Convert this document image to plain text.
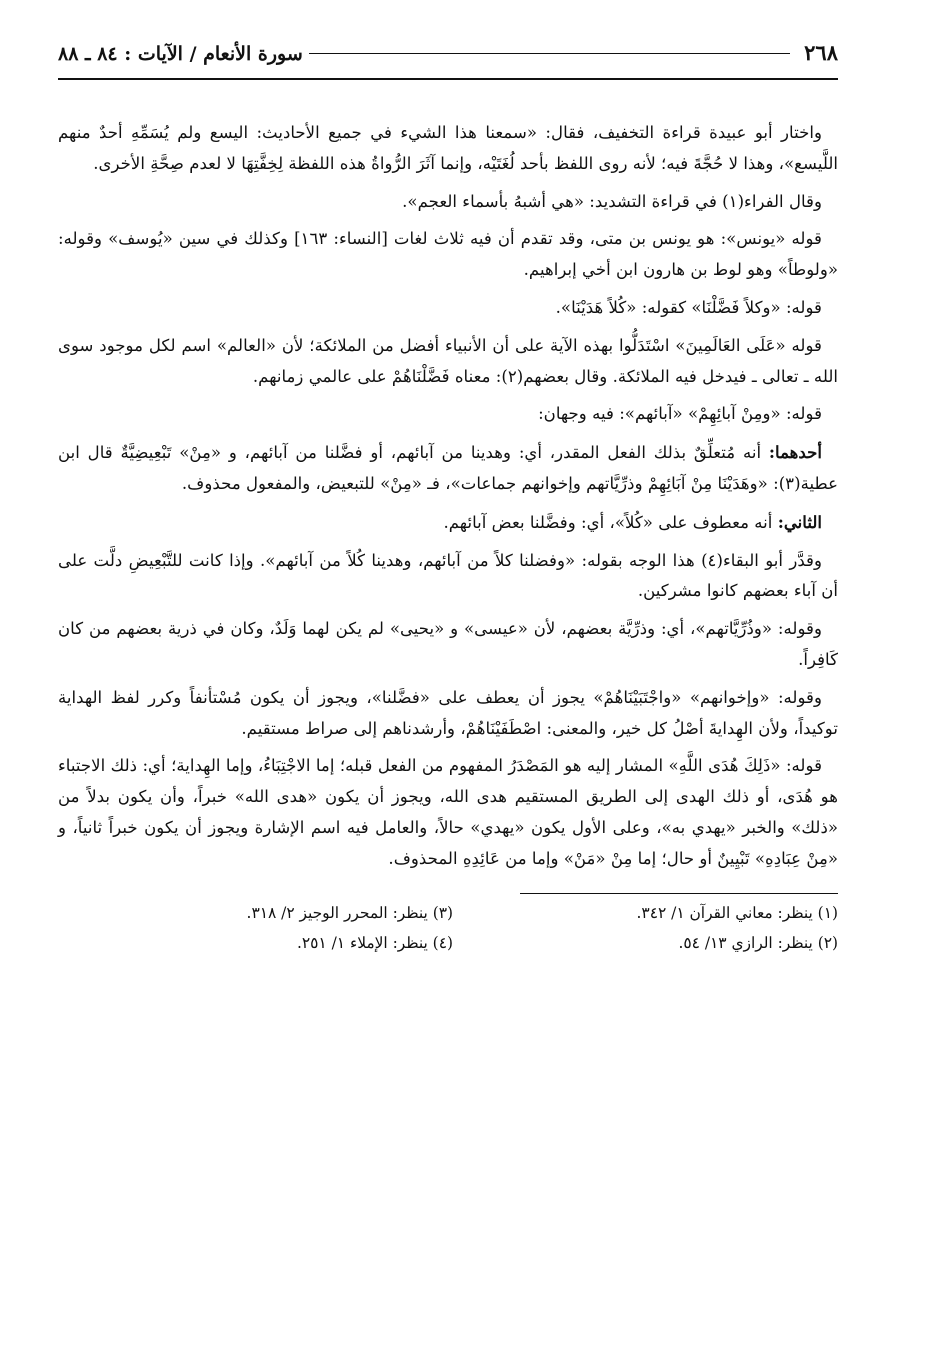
٢٦٨
سورة الأنعام / الآيات : ٨٤ ـ ٨٨

واختار أبو عبيدة قراءة التخفيف، فقال: «سمعنا هذا الشيء في جميع الأحاديث: اليسع ولم يُسَمِّهِ أحدٌ منهم اللَّيسع»، وهذا لا حُجَّةَ فيه؛ لأنه روى اللفظ بأحد لُغَتَيْه، وإنما آثَرَ الرُّواةُ هذه اللفظة لِخِفَّتِهَا لا لعدم صِحَّةِ الأخرى.

وقال الفراء(١) في قراءة التشديد: «هي أشبهُ بأسماء العجم».

قوله «يونس»: هو يونس بن متى، وقد تقدم أن فيه ثلاث لغات [النساء: ١٦٣] وكذلك في سين «يُوسف» وقوله: «ولوطاً» وهو لوط بن هارون ابن أخي إبراهيم.

قوله: «وكلاً فَضَّلْنَا» كقوله: «كُلاً هَدَيْنَا».

قوله «عَلَى العَالَمِينَ» اسْتَدَلُّوا بهذه الآية على أن الأنبياء أفضل من الملائكة؛ لأن «العالم» اسم لكل موجود سوى الله ـ تعالى ـ فيدخل فيه الملائكة. وقال بعضهم(٢): معناه فَضَّلْنَاهُمْ على عالمي زمانهم.

قوله: «ومِنْ آبائِهِمْ» «آبائهم»: فيه وجهان:

أحدهما: أنه مُتعلِّقٌ بذلك الفعل المقدر، أي: وهدينا من آبائهم، أو فضَّلنا من آبائهم، و «مِنْ» تَبْعِيضِيَّةٌ قال ابن عطية(٣): «وهَدَيْنَا مِنْ آبَائِهِمْ وذرِّيَّاتهم وإخوانهم جماعات»، فـ «مِنْ» للتبعيض، والمفعول محذوف.

الثاني: أنه معطوف على «كُلاً»، أي: وفضَّلنا بعض آبائهم.

وقدَّر أبو البقاء(٤) هذا الوجه بقوله: «وفضلنا كلاً من آبائهم، وهدينا كُلاً من آبائهم». وإذا كانت للتَّبْعِيضِ دلَّت على أن آباء بعضهم كانوا مشركين.

وقوله: «وذُرِّيَّاتهم»، أي: وذرِّيَّة بعضهم، لأن «عيسى» و «يحيى» لم يكن لهما وَلَدٌ، وكان في ذرية بعضهم من كان كَافِراً.

وقوله: «وإخوانهم» «واجْتَبَيْنَاهُمْ» يجوز أن يعطف على «فضَّلنا»، ويجوز أن يكون مُسْتأنفاً وكرر لفظ الهداية توكيداً، ولأن الهِدايةَ أصْلُ كل خير، والمعنى: اصْطَفَيْنَاهُمْ، وأرشدناهم إلى صراط مستقيم.

قوله: «ذَلِكَ هُدَى اللَّهِ» المشار إليه هو المَصْدَرُ المفهوم من الفعل قبله؛ إما الاجْتِبَاءُ، وإما الهِداية؛ أي: ذلك الاجتباء هو هُدَى، أو ذلك الهدى إلى الطريق المستقيم هدى الله، ويجوز أن يكون «هدى الله» خبراً، وأن يكون بدلاً من «ذلك» والخبر «يهدي به»، وعلى الأول يكون «يهدي» حالاً، والعامل فيه اسم الإشارة ويجوز أن يكون خبراً ثانياً، و «مِنْ عِبَادِهِ» تَبْيِينٌ أو حال؛ إما مِنْ «مَنْ» وإما من عَائِدِهِ المحذوف.

(١) ينظر: معاني القرآن ١/ ٣٤٢.
(٣) ينظر: المحرر الوجيز ٢/ ٣١٨.
(٢) ينظر: الرازي ١٣/ ٥٤.
(٤) ينظر: الإملاء ١/ ٢٥١.
